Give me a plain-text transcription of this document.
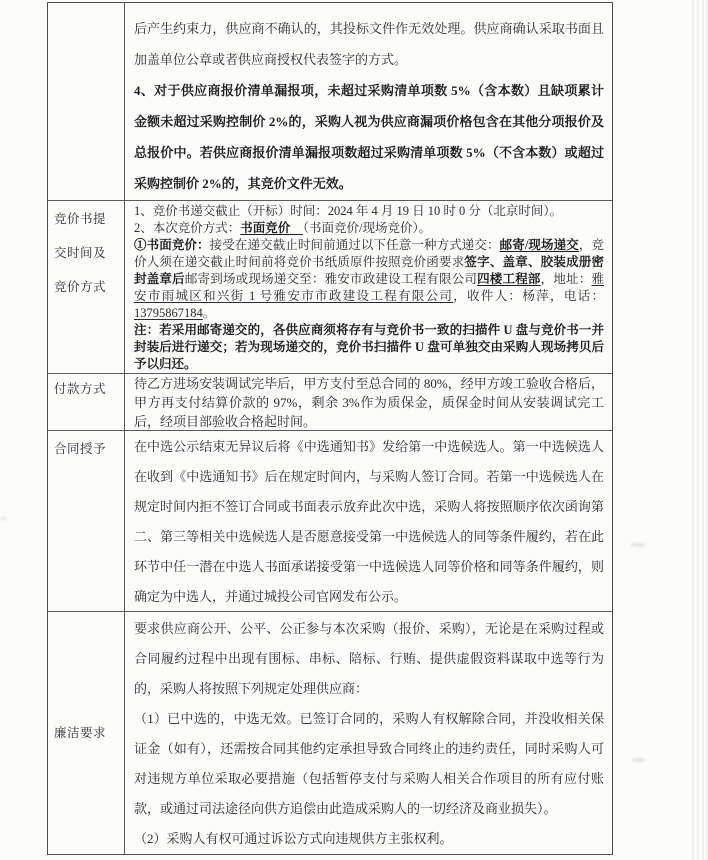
后产生约束力，供应商不确认的，其投标文件作无效处理。供应商确认采取书面且加盖单位公章或者供应商授权代表签字的方式。

4、对于供应商报价清单漏报项，未超过采购清单项数 5%（含本数）且缺项累计金额未超过采购控制价 2%的，采购人视为供应商漏项价格包含在其他分项报价及总报价中。若供应商报价清单漏报项数超过采购清单项数 5%（不含本数）或超过采购控制价 2%的，其竞价文件无效。

竞价书提交时间及竞价方式

1、竞价书递交截止（开标）时间：2024 年 4 月 19 日 10 时 0 分（北京时间）。

2、本次竞价方式：书面竞价　（书面竞价/现场竞价）。

①书面竞价：接受在递交截止时间前通过以下任意一种方式递交：邮寄/现场递交，竞价人须在递交截止时间前将竞价书纸质原件按照竞价函要求签字、盖章、胶装成册密封盖章后邮寄到场或现场递交至：雅安市政建设工程有限公司四楼工程部，地址：雅安市雨城区和兴街 1 号雅安市市政建设工程有限公司，收件人：杨萍，电话：13795867184。

注：若采用邮寄递交的，各供应商须将存有与竞价书一致的扫描件 U 盘与竞价书一并封装后进行递交；若为现场递交的，竞价书扫描件 U 盘可单独交由采购人现场拷贝后予以归还。

付款方式	待乙方进场安装调试完毕后，甲方支付至总合同的 80%，经甲方竣工验收合格后，甲方再支付结算价款的 97%，剩余 3%作为质保金，质保金时间从安装调试完工后，经项目部验收合格起时间。

合同授予	在中选公示结束无异议后将《中选通知书》发给第一中选候选人。第一中选候选人在收到《中选通知书》后在规定时间内，与采购人签订合同。若第一中选候选人在规定时间内拒不签订合同或书面表示放弃此次中选，采购人将按照顺序依次函询第二、第三等相关中选候选人是否愿意接受第一中选候选人的同等条件履约，若在此环节中任一潜在中选人书面承诺接受第一中选候选人同等价格和同等条件履约，则确定为中选人，并通过城投公司官网发布公示。

廉洁要求

要求供应商公开、公平、公正参与本次采购（报价、采购），无论是在采购过程或合同履约过程中出现有围标、串标、陪标、行贿、提供虚假资料谋取中选等行为的，采购人将按照下列规定处理供应商：

（1）已中选的，中选无效。已签订合同的，采购人有权解除合同，并没收相关保证金（如有），还需按合同其他约定承担导致合同终止的违约责任，同时采购人可对违规方单位采取必要措施（包括暂停支付与采购人相关合作项目的所有应付账款，或通过司法途径向供方追偿由此造成采购人的一切经济及商业损失）。

（2）采购人有权可通过诉讼方式向违规供方主张权利。
